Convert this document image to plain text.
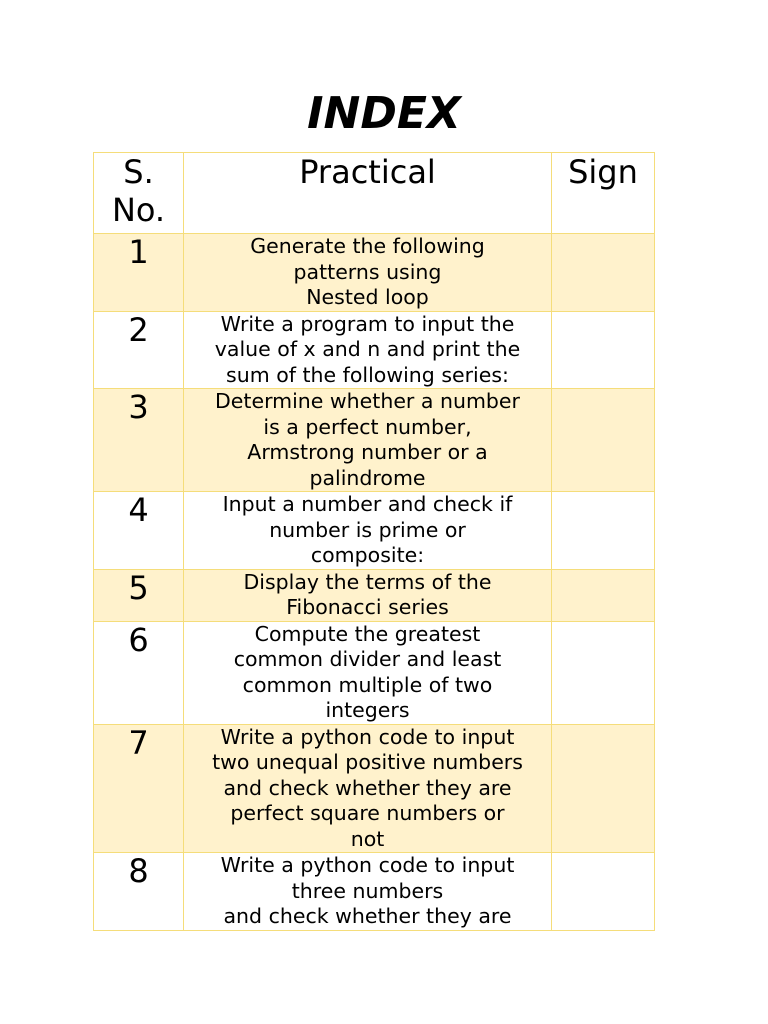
INDEX
S.
No.	Practical	Sign
1	Generate the following
patterns using
Nested loop	
2	Write a program to input the
value of x and n and print the
sum of the following series:	
3	Determine whether a number
is a perfect number,
Armstrong number or a
palindrome	
4	Input a number and check if
number is prime or
composite:	
5	Display the terms of the
Fibonacci series	
6	Compute the greatest
common divider and least
common multiple of two
integers	
7	Write a python code to input
two unequal positive numbers
and check whether they are
perfect square numbers or
not	
8	Write a python code to input
three numbers
and check whether they are	
